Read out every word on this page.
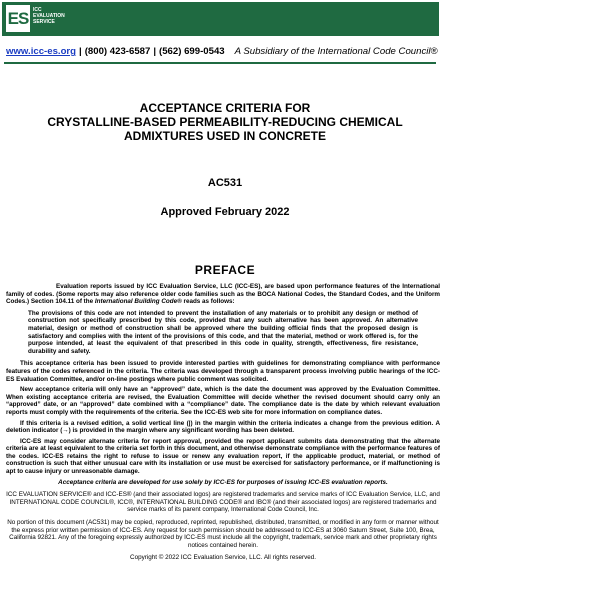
ES ICC
EVALUATION
SERVICE
www.icc-es.org | (800) 423-6587 | (562) 699-0543 A Subsidiary of the International Code Council®
ACCEPTANCE CRITERIA FOR
CRYSTALLINE-BASED PERMEABILITY-REDUCING CHEMICAL
ADMIXTURES USED IN CONCRETE
AC531
Approved February 2022
PREFACE

Evaluation reports issued by ICC Evaluation Service, LLC (ICC-ES), are based upon performance features of the International family of codes. (Some reports may also reference older code families such as the BOCA National Codes, the Standard Codes, and the Uniform Codes.) Section 104.11 of the International Building Code® reads as follows:

The provisions of this code are not intended to prevent the installation of any materials or to prohibit any design or method of construction not specifically prescribed by this code, provided that any such alternative has been approved. An alternative material, design or method of construction shall be approved where the building official finds that the proposed design is satisfactory and complies with the intent of the provisions of this code, and that the material, method or work offered is, for the purpose intended, at least the equivalent of that prescribed in this code in quality, strength, effectiveness, fire resistance, durability and safety.

This acceptance criteria has been issued to provide interested parties with guidelines for demonstrating compliance with performance features of the codes referenced in the criteria. The criteria was developed through a transparent process involving public hearings of the ICC-ES Evaluation Committee, and/or on-line postings where public comment was solicited.

New acceptance criteria will only have an “approved” date, which is the date the document was approved by the Evaluation Committee. When existing acceptance criteria are revised, the Evaluation Committee will decide whether the revised document should carry only an “approved” date, or an “approved” date combined with a “compliance” date. The compliance date is the date by which relevant evaluation reports must comply with the requirements of the criteria. See the ICC-ES web site for more information on compliance dates.

If this criteria is a revised edition, a solid vertical line (|) in the margin within the criteria indicates a change from the previous edition. A deletion indicator (→) is provided in the margin where any significant wording has been deleted.

ICC-ES may consider alternate criteria for report approval, provided the report applicant submits data demonstrating that the alternate criteria are at least equivalent to the criteria set forth in this document, and otherwise demonstrate compliance with the performance features of the codes. ICC-ES retains the right to refuse to issue or renew any evaluation report, if the applicable product, material, or method of construction is such that either unusual care with its installation or use must be exercised for satisfactory performance, or if malfunctioning is apt to cause injury or unreasonable damage.

Acceptance criteria are developed for use solely by ICC-ES for purposes of issuing ICC-ES evaluation reports.
ICC EVALUATION SERVICE® and ICC-ES® (and their associated logos) are registered trademarks and service marks of ICC Evaluation Service, LLC, and INTERNATIONAL CODE COUNCIL®, ICC®, INTERNATIONAL BUILDING CODE® and IBC® (and their associated logos) are registered trademarks and service marks of its parent company, International Code Council, Inc.
No portion of this document (AC531) may be copied, reproduced, reprinted, republished, distributed, transmitted, or modified in any form or manner without the express prior written permission of ICC-ES. Any request for such permission should be addressed to ICC-ES at 3060 Saturn Street, Suite 100, Brea, California 92821. Any of the foregoing expressly authorized by ICC-ES must include all the copyright, trademark, service mark and other proprietary rights notices contained herein.
Copyright © 2022 ICC Evaluation Service, LLC. All rights reserved.
